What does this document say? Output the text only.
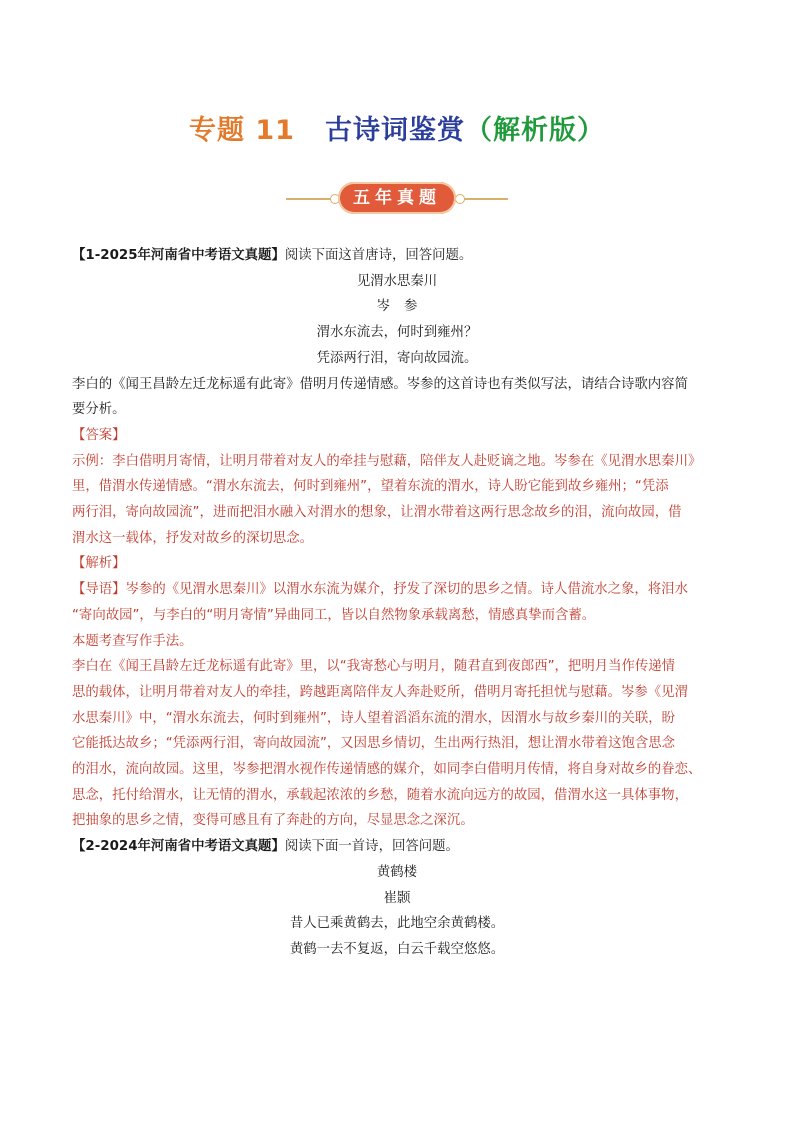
专题 11 古诗词鉴赏（解析版）
五年真题

【1-2025年河南省中考语文真题】阅读下面这首唐诗，回答问题。

见渭水思秦川

岑 参

渭水东流去，何时到雍州？

凭添两行泪，寄向故园流。

李白的《闻王昌龄左迁龙标遥有此寄》借明月传递情感。岑参的这首诗也有类似写法，请结合诗歌内容简

要分析。

【答案】

示例：李白借明月寄情，让明月带着对友人的牵挂与慰藉，陪伴友人赴贬谪之地。岑参在《见渭水思秦川》

里，借渭水传递情感。“渭水东流去，何时到雍州”，望着东流的渭水，诗人盼它能到故乡雍州；“凭添

两行泪，寄向故园流”，进而把泪水融入对渭水的想象，让渭水带着这两行思念故乡的泪，流向故园，借

渭水这一载体，抒发对故乡的深切思念。

【解析】

【导语】岑参的《见渭水思秦川》以渭水东流为媒介，抒发了深切的思乡之情。诗人借流水之象，将泪水

“寄向故园”，与李白的“明月寄情”异曲同工，皆以自然物象承载离愁，情感真挚而含蓄。

本题考查写作手法。

李白在《闻王昌龄左迁龙标遥有此寄》里，以“我寄愁心与明月，随君直到夜郎西”，把明月当作传递情

思的载体，让明月带着对友人的牵挂，跨越距离陪伴友人奔赴贬所，借明月寄托担忧与慰藉。岑参《见渭

水思秦川》中，“渭水东流去，何时到雍州”，诗人望着滔滔东流的渭水，因渭水与故乡秦川的关联，盼

它能抵达故乡；“凭添两行泪，寄向故园流”，又因思乡情切，生出两行热泪，想让渭水带着这饱含思念

的泪水，流向故园。这里，岑参把渭水视作传递情感的媒介，如同李白借明月传情，将自身对故乡的眷恋、

思念，托付给渭水，让无情的渭水，承载起浓浓的乡愁，随着水流向远方的故园，借渭水这一具体事物，

把抽象的思乡之情，变得可感且有了奔赴的方向，尽显思念之深沉。

【2-2024年河南省中考语文真题】阅读下面一首诗，回答问题。

黄鹤楼

崔颢

昔人已乘黄鹤去，此地空余黄鹤楼。

黄鹤一去不复返，白云千载空悠悠。
